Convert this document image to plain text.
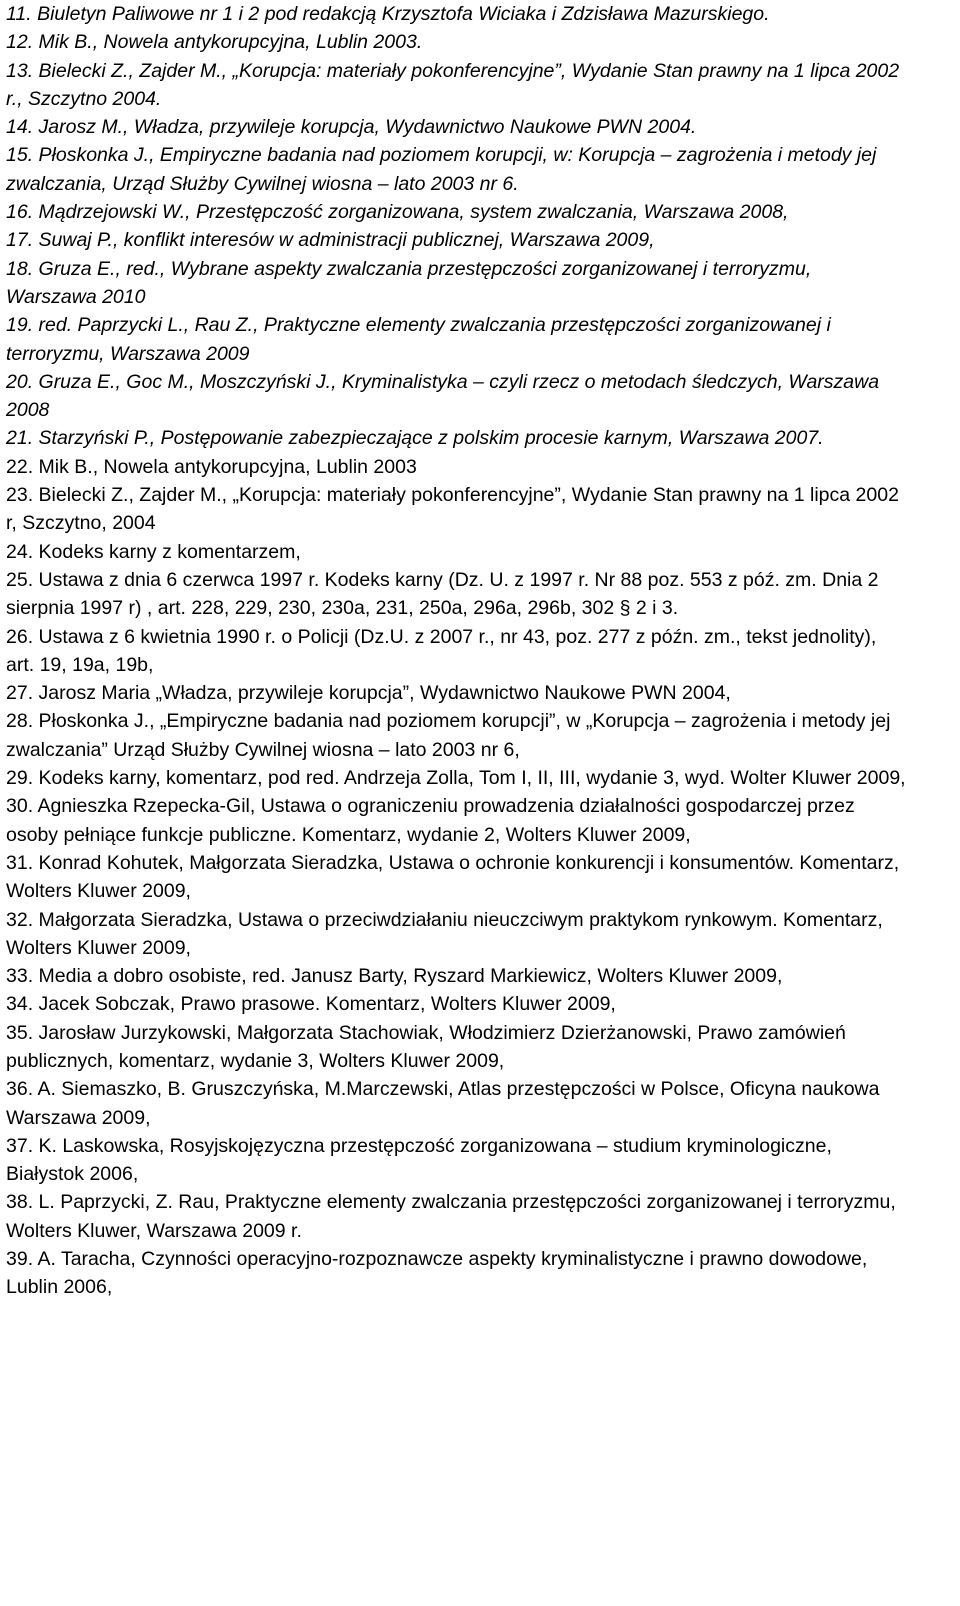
11. Biuletyn Paliwowe nr 1 i 2 pod redakcją Krzysztofa Wiciaka i Zdzisława Mazurskiego.

12. Mik B., Nowela antykorupcyjna, Lublin 2003.

13. Bielecki Z., Zajder M., „Korupcja: materiały pokonferencyjne”, Wydanie Stan prawny na 1 lipca 2002 r., Szczytno 2004.

14. Jarosz M., Władza, przywileje korupcja, Wydawnictwo Naukowe PWN 2004.

15. Płoskonka J., Empiryczne badania nad poziomem korupcji, w: Korupcja – zagrożenia i metody jej zwalczania, Urząd Służby Cywilnej wiosna – lato 2003 nr 6.

16. Mądrzejowski W., Przestępczość zorganizowana, system zwalczania, Warszawa 2008,

17. Suwaj P., konflikt interesów w administracji publicznej, Warszawa 2009,

18. Gruza E., red., Wybrane aspekty zwalczania przestępczości zorganizowanej i terroryzmu, Warszawa 2010

19. red. Paprzycki L., Rau Z., Praktyczne elementy zwalczania przestępczości zorganizowanej i terroryzmu, Warszawa 2009

20. Gruza E., Goc M., Moszczyński J., Kryminalistyka – czyli rzecz o metodach śledczych, Warszawa 2008

21. Starzyński P., Postępowanie zabezpieczające z polskim procesie karnym, Warszawa 2007.

22. Mik B., Nowela antykorupcyjna, Lublin 2003

23. Bielecki Z., Zajder M., „Korupcja: materiały pokonferencyjne”, Wydanie Stan prawny na 1 lipca 2002 r, Szczytno, 2004

24. Kodeks karny z komentarzem,

25. Ustawa z dnia 6 czerwca 1997 r. Kodeks karny (Dz. U. z 1997 r. Nr 88 poz. 553 z póź. zm. Dnia 2 sierpnia 1997 r) , art. 228, 229, 230, 230a, 231, 250a, 296a, 296b, 302 § 2 i 3.

26. Ustawa z 6 kwietnia 1990 r. o Policji (Dz.U. z 2007 r., nr 43, poz. 277 z późn. zm., tekst jednolity), art. 19, 19a, 19b,

27. Jarosz Maria „Władza, przywileje korupcja”, Wydawnictwo Naukowe PWN 2004,

28. Płoskonka J., „Empiryczne badania nad poziomem korupcji”, w „Korupcja – zagrożenia i metody jej zwalczania” Urząd Służby Cywilnej wiosna – lato 2003 nr 6,

29. Kodeks karny, komentarz, pod red. Andrzeja Zolla, Tom I, II, III, wydanie 3, wyd. Wolter Kluwer 2009,

30. Agnieszka Rzepecka-Gil, Ustawa o ograniczeniu prowadzenia działalności gospodarczej przez osoby pełniące funkcje publiczne. Komentarz, wydanie 2, Wolters Kluwer 2009,

31. Konrad Kohutek, Małgorzata Sieradzka, Ustawa o ochronie konkurencji i konsumentów. Komentarz, Wolters Kluwer 2009,

32. Małgorzata Sieradzka, Ustawa o przeciwdziałaniu nieuczciwym praktykom rynkowym. Komentarz, Wolters Kluwer 2009,

33. Media a dobro osobiste, red. Janusz Barty, Ryszard Markiewicz, Wolters Kluwer 2009,

34. Jacek Sobczak, Prawo prasowe. Komentarz, Wolters Kluwer 2009,

35. Jarosław Jurzykowski, Małgorzata Stachowiak, Włodzimierz Dzierżanowski, Prawo zamówień publicznych, komentarz, wydanie 3, Wolters Kluwer 2009,

36. A. Siemaszko, B. Gruszczyńska, M.Marczewski, Atlas przestępczości w Polsce, Oficyna naukowa Warszawa 2009,

37. K. Laskowska, Rosyjskojęzyczna przestępczość zorganizowana – studium kryminologiczne, Białystok 2006,

38. L. Paprzycki, Z. Rau, Praktyczne elementy zwalczania przestępczości zorganizowanej i terroryzmu, Wolters Kluwer, Warszawa 2009 r.

39. A. Taracha, Czynności operacyjno-rozpoznawcze aspekty kryminalistyczne i prawno dowodowe, Lublin 2006,
